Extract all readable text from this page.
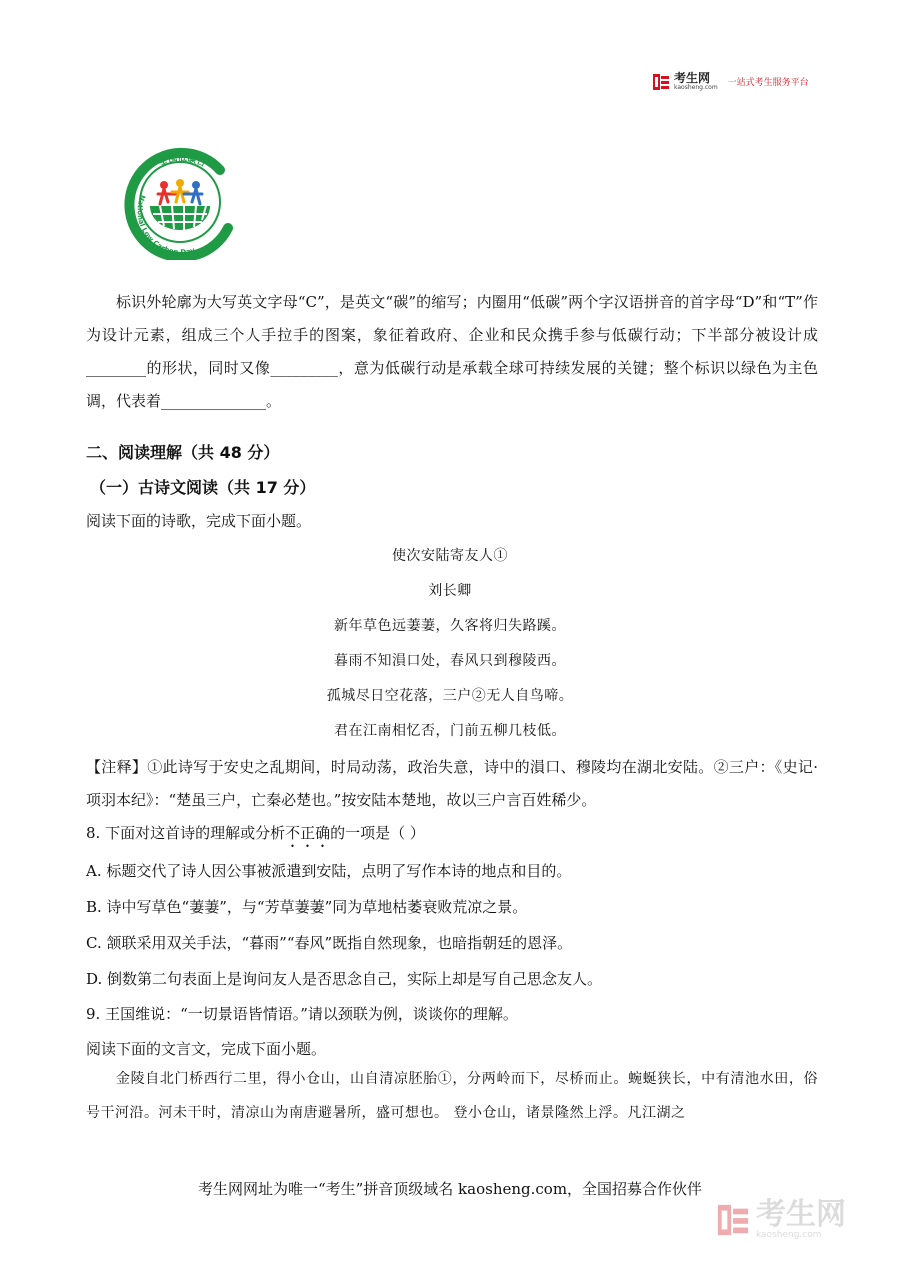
考生网
kaosheng.com 一站式考生服务平台
全国低碳日
National Low Carbon Day
标识外轮廓为大写英文字母“C”，是英文“碳”的缩写；内圈用“低碳”两个字汉语拼音的首字母“D”和“T”作为设计元素，组成三个人手拉手的图案，象征着政府、企业和民众携手参与低碳行动；下半部分被设计成________的形状，同时又像_________，意为低碳行动是承载全球可持续发展的关键；整个标识以绿色为主色调，代表着______________。
二、阅读理解（共 48 分）
（一）古诗文阅读（共 17 分）
阅读下面的诗歌，完成下面小题。
使次安陆寄友人①
刘长卿
新年草色远萋萋，久客将归失路蹊。
暮雨不知溳口处，春风只到穆陵西。
孤城尽日空花落，三户②无人自鸟啼。
君在江南相忆否，门前五柳几枝低。
【注释】①此诗写于安史之乱期间，时局动荡，政治失意，诗中的溳口、穆陵均在湖北安陆。②三户：《史记·项羽本纪》：“楚虽三户，亡秦必楚也。”按安陆本楚地，故以三户言百姓稀少。
8. 下面对这首诗的理解或分析不正确的一项是（ ）
A. 标题交代了诗人因公事被派遣到安陆，点明了写作本诗的地点和目的。
B. 诗中写草色“萋萋”，与“芳草萋萋”同为草地枯萎衰败荒凉之景。
C. 颔联采用双关手法，“暮雨”“春风”既指自然现象，也暗指朝廷的恩泽。
D. 倒数第二句表面上是询问友人是否思念自己，实际上却是写自己思念友人。
9. 王国维说：“一切景语皆情语。”请以颈联为例，谈谈你的理解。
阅读下面的文言文，完成下面小题。
金陵自北门桥西行二里，得小仓山，山自清凉胚胎①，分两岭而下，尽桥而止。蜿蜒狭长，中有清池水田，俗号干河沿。河未干时，清凉山为南唐避暑所，盛可想也。 登小仓山，诸景隆然上浮。凡江湖之
考生网网址为唯一“考生”拼音顶级域名 kaosheng.com，全国招募合作伙伴
考生网
kaosheng.com
